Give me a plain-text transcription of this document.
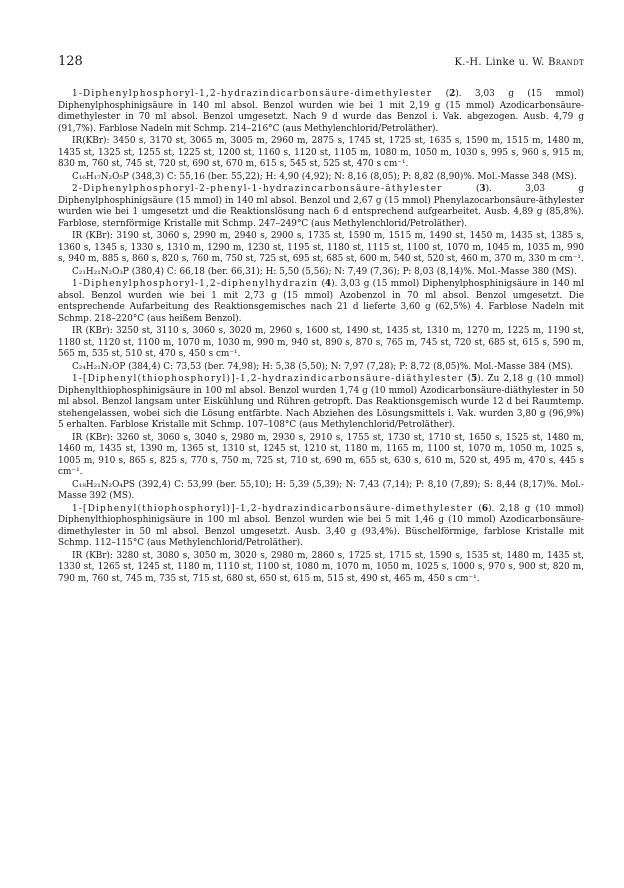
128	K.-H. Linke u. W. Brandt

1-Diphenylphosphoryl-1,2-hydrazindicarbonsäure-dimethylester (2). 3,03 g (15 mmol) Diphenylphosphinigsäure in 140 ml absol. Benzol wurden wie bei 1 mit 2,19 g (15 mmol) Azodicarbonsäure-dimethylester in 70 ml absol. Benzol umgesetzt. Nach 9 d wurde das Benzol i. Vak. abgezogen. Ausb. 4,79 g (91,7%). Farblose Nadeln mit Schmp. 214–216°C (aus Methylenchlorid/Petroläther).

IR(KBr): 3450 s, 3170 st, 3065 m, 3005 m, 2960 m, 2875 s, 1745 st, 1725 st, 1635 s, 1590 m, 1515 m, 1480 m, 1435 st, 1325 st, 1255 st, 1225 st, 1200 st, 1160 s, 1120 st, 1105 m, 1080 m, 1050 m, 1030 s, 995 s, 960 s, 915 m, 830 m, 760 st, 745 st, 720 st, 690 st, 670 m, 615 s, 545 st, 525 st, 470 s cm⁻¹.

C₁₆H₁₇N₂O₅P (348,3) C: 55,16 (ber. 55,22); H: 4,90 (4,92); N: 8,16 (8,05); P: 8,82 (8,90)%. Mol.-Masse 348 (MS).

2-Diphenylphosphoryl-2-phenyl-1-hydrazincarbonsäure-äthylester (3). 3,03 g Diphenylphosphinigsäure (15 mmol) in 140 ml absol. Benzol und 2,67 g (15 mmol) Phenylazocarbonsäure-äthylester wurden wie bei 1 umgesetzt und die Reaktionslösung nach 6 d entsprechend aufgearbeitet. Ausb. 4,89 g (85,8%). Farblose, sternförmige Kristalle mit Schmp. 247–249°C (aus Methylenchlorid/Petroläther).

IR (KBr): 3190 st, 3060 s, 2990 m, 2940 s, 2900 s, 1735 st, 1590 m, 1515 m, 1490 st, 1450 m, 1435 st, 1385 s, 1360 s, 1345 s, 1330 s, 1310 m, 1290 m, 1230 st, 1195 st, 1180 st, 1115 st, 1100 st, 1070 m, 1045 m, 1035 m, 990 s, 940 m, 885 s, 860 s, 820 s, 760 m, 750 st, 725 st, 695 st, 685 st, 600 m, 540 st, 520 st, 460 m, 370 m, 330 m cm⁻¹.

C₂₁H₂₁N₂O₃P (380,4) C: 66,18 (ber. 66,31); H: 5,50 (5,56); N: 7,49 (7,36); P: 8,03 (8,14)%. Mol.-Masse 380 (MS).

1-Diphenylphosphoryl-1,2-diphenylhydrazin (4). 3,03 g (15 mmol) Diphenylphosphinigsäure in 140 ml absol. Benzol wurden wie bei 1 mit 2,73 g (15 mmol) Azobenzol in 70 ml absol. Benzol umgesetzt. Die entsprechende Aufarbeitung des Reaktionsgemisches nach 21 d lieferte 3,60 g (62,5%) 4. Farblose Nadeln mit Schmp. 218–220°C (aus heißem Benzol).

IR (KBr): 3250 st, 3110 s, 3060 s, 3020 m, 2960 s, 1600 st, 1490 st, 1435 st, 1310 m, 1270 m, 1225 m, 1190 st, 1180 st, 1120 st, 1100 m, 1070 m, 1030 m, 990 m, 940 st, 890 s, 870 s, 765 m, 745 st, 720 st, 685 st, 615 s, 590 m, 565 m, 535 st, 510 st, 470 s, 450 s cm⁻¹.

C₂₄H₂₁N₂OP (384,4) C: 73,53 (ber. 74,98); H: 5,38 (5,50); N: 7,97 (7,28); P: 8,72 (8,05)%. Mol.-Masse 384 (MS).

1-[Diphenyl(thiophosphoryl)]-1,2-hydrazindicarbonsäure-diäthylester (5). Zu 2,18 g (10 mmol) Diphenylthiophosphinigsäure in 100 ml absol. Benzol wurden 1,74 g (10 mmol) Azodicarbonsäure-diäthylester in 50 ml absol. Benzol langsam unter Eiskühlung und Rühren getropft. Das Reaktionsgemisch wurde 12 d bei Raumtemp. stehengelassen, wobei sich die Lösung entfärbte. Nach Abziehen des Lösungsmittels i. Vak. wurden 3,80 g (96,9%) 5 erhalten. Farblose Kristalle mit Schmp. 107–108°C (aus Methylenchlorid/Petroläther).

IR (KBr): 3260 st, 3060 s, 3040 s, 2980 m, 2930 s, 2910 s, 1755 st, 1730 st, 1710 st, 1650 s, 1525 st, 1480 m, 1460 m, 1435 st, 1390 m, 1365 st, 1310 st, 1245 st, 1210 st, 1180 m, 1165 m, 1100 st, 1070 m, 1050 m, 1025 s, 1005 m, 910 s, 865 s, 825 s, 770 s, 750 m, 725 st, 710 st, 690 m, 655 st, 630 s, 610 m, 520 st, 495 m, 470 s, 445 s cm⁻¹.

C₁₈H₂₁N₂O₄PS (392,4) C: 53,99 (ber. 55,10); H: 5,39 (5,39); N: 7,43 (7,14); P: 8,10 (7,89); S: 8,44 (8,17)%. Mol.-Masse 392 (MS).

1-[Diphenyl(thiophosphoryl)]-1,2-hydrazindicarbonsäure-dimethylester (6). 2,18 g (10 mmol) Diphenylthiophosphinigsäure in 100 ml absol. Benzol wurden wie bei 5 mit 1,46 g (10 mmol) Azodicarbonsäure-dimethylester in 50 ml absol. Benzol umgesetzt. Ausb. 3,40 g (93,4%). Büschelförmige, farblose Kristalle mit Schmp. 112–115°C (aus Methylenchlorid/Petroläther).

IR (KBr): 3280 st, 3080 s, 3050 m, 3020 s, 2980 m, 2860 s, 1725 st, 1715 st, 1590 s, 1535 st, 1480 m, 1435 st, 1330 st, 1265 st, 1245 st, 1180 m, 1110 st, 1100 st, 1080 m, 1070 m, 1050 m, 1025 s, 1000 s, 970 s, 900 st, 820 m, 790 m, 760 st, 745 m, 735 st, 715 st, 680 st, 650 st, 615 m, 515 st, 490 st, 465 m, 450 s cm⁻¹.
